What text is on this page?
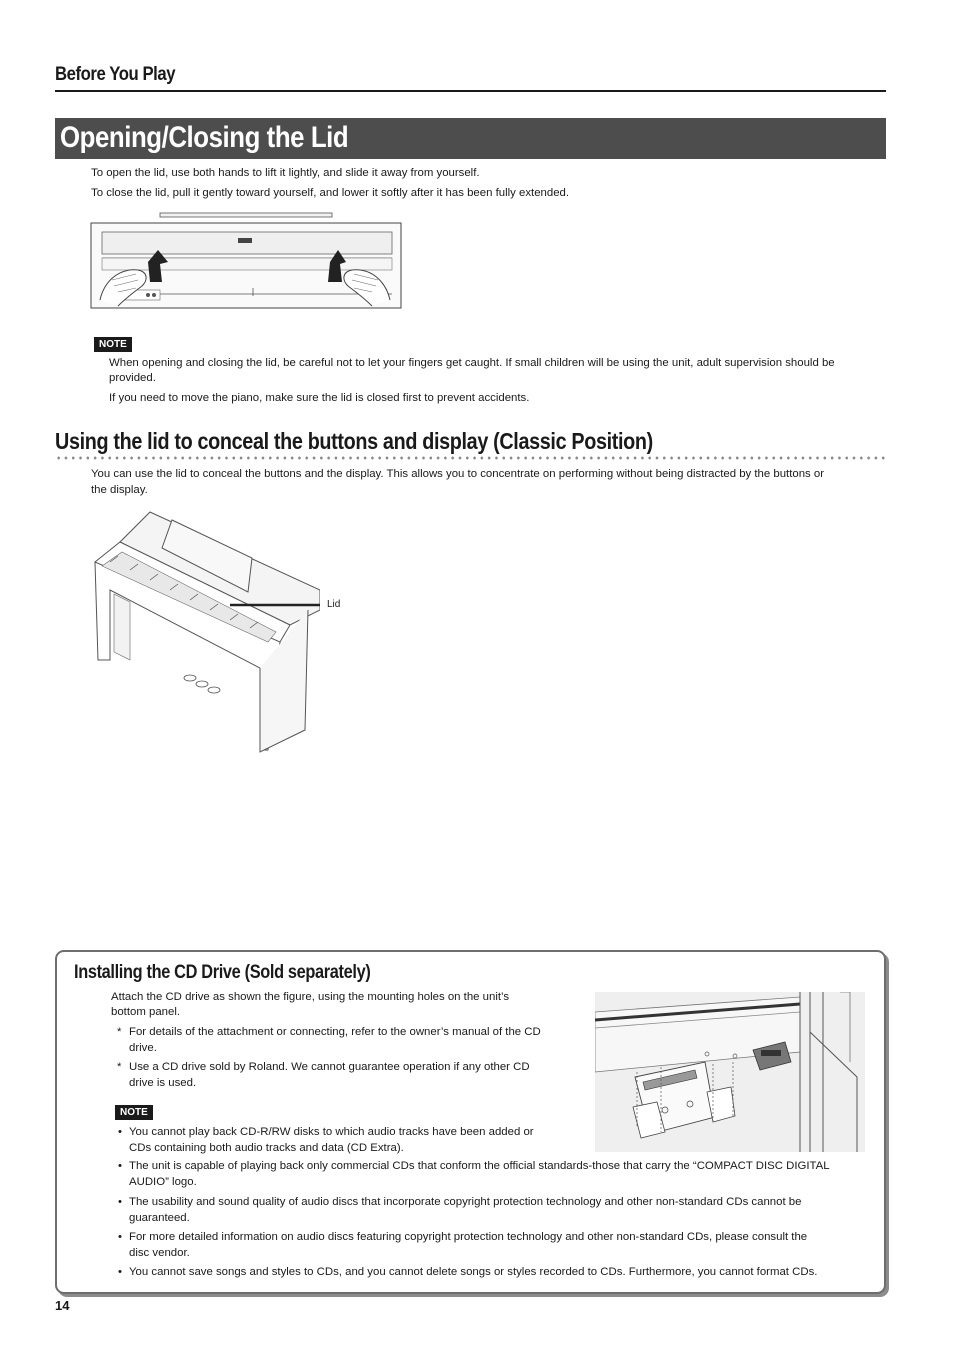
Before You Play
Opening/Closing the Lid
To open the lid, use both hands to lift it lightly, and slide it away from yourself.
To close the lid, pull it gently toward yourself, and lower it softly after it has been fully extended.
NOTE
When opening and closing the lid, be careful not to let your fingers get caught. If small children will be using the unit, adult supervision should be
provided.
If you need to move the piano, make sure the lid is closed first to prevent accidents.
Using the lid to conceal the buttons and display (Classic Position)
You can use the lid to conceal the buttons and the display. This allows you to concentrate on performing without being distracted by the buttons or
the display.
Lid
Installing the CD Drive (Sold separately)
Attach the CD drive as shown the figure, using the mounting holes on the unit’s
bottom panel.
* For details of the attachment or connecting, refer to the owner’s manual of the CD
drive.
* Use a CD drive sold by Roland. We cannot guarantee operation if any other CD
drive is used.
NOTE
• You cannot play back CD-R/RW disks to which audio tracks have been added or
CDs containing both audio tracks and data (CD Extra).
• The unit is capable of playing back only commercial CDs that conform the official standards-those that carry the “COMPACT DISC DIGITAL
AUDIO” logo.
• The usability and sound quality of audio discs that incorporate copyright protection technology and other non-standard CDs cannot be
guaranteed.
• For more detailed information on audio discs featuring copyright protection technology and other non-standard CDs, please consult the
disc vendor.
• You cannot save songs and styles to CDs, and you cannot delete songs or styles recorded to CDs. Furthermore, you cannot format CDs.
14
